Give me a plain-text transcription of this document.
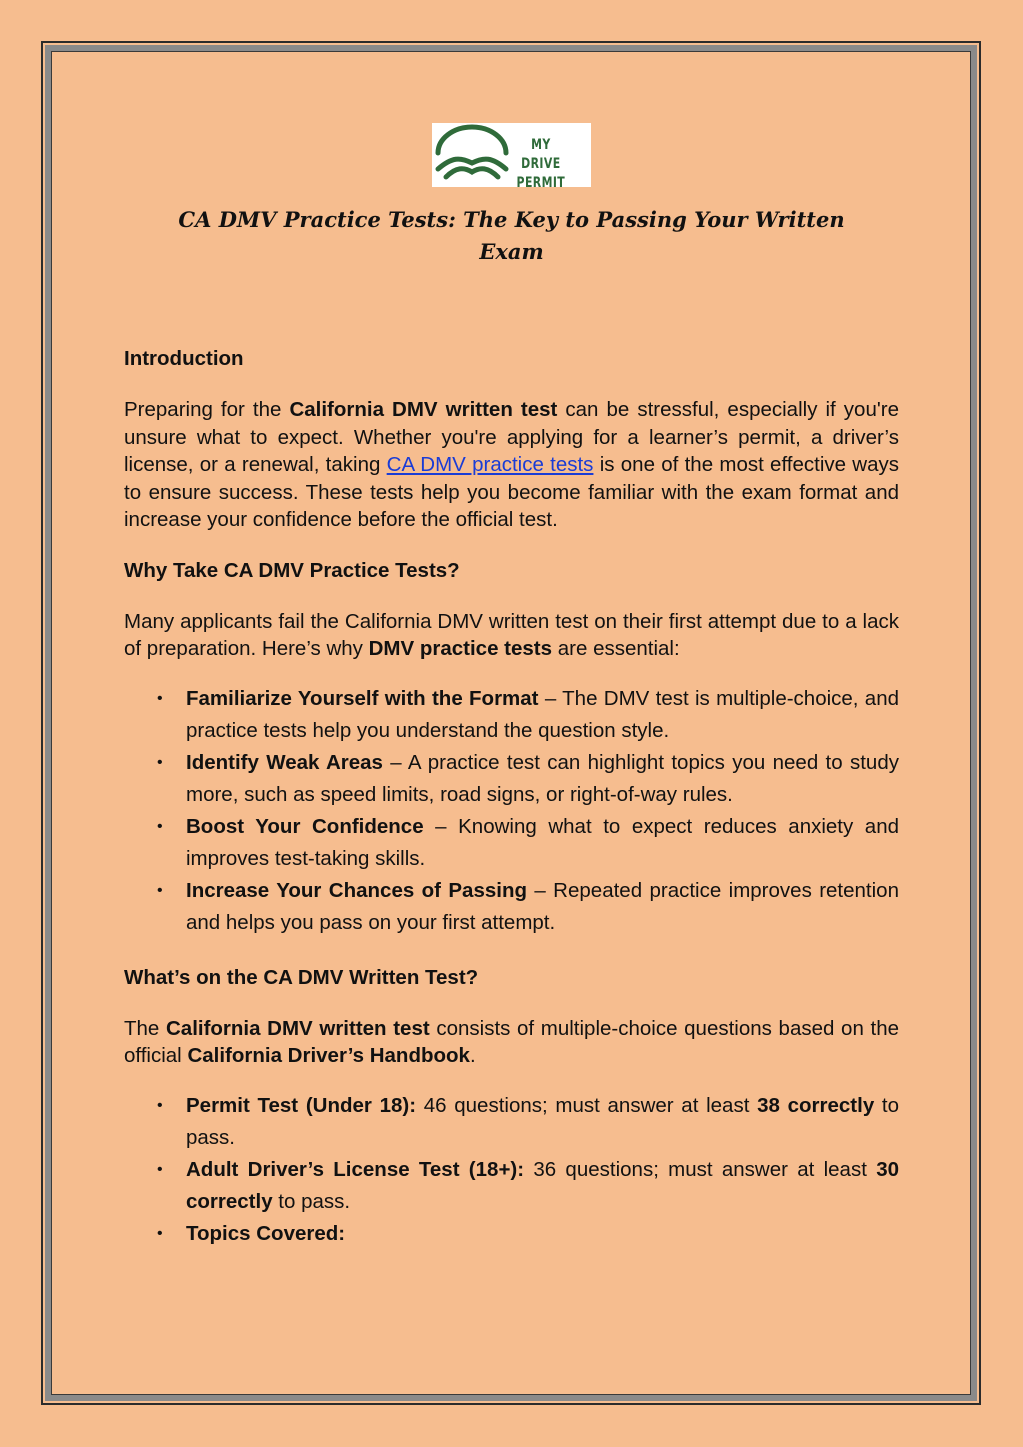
MY DRIVE
PERMIT
CA DMV Practice Tests: The Key to Passing Your Written
Exam
Introduction

Preparing for the California DMV written test can be stressful, especially if you're unsure what to expect. Whether you're applying for a learner’s permit, a driver’s license, or a renewal, taking CA DMV practice tests is one of the most effective ways to ensure success. These tests help you become familiar with the exam format and increase your confidence before the official test.

Why Take CA DMV Practice Tests?

Many applicants fail the California DMV written test on their first attempt due to a lack of preparation. Here’s why DMV practice tests are essential:

• Familiarize Yourself with the Format – The DMV test is multiple-choice, and practice tests help you understand the question style.
• Identify Weak Areas – A practice test can highlight topics you need to study more, such as speed limits, road signs, or right-of-way rules.
• Boost Your Confidence – Knowing what to expect reduces anxiety and improves test-taking skills.
• Increase Your Chances of Passing – Repeated practice improves retention and helps you pass on your first attempt.
What’s on the CA DMV Written Test?

The California DMV written test consists of multiple-choice questions based on the official California Driver’s Handbook.

• Permit Test (Under 18): 46 questions; must answer at least 38 correctly to pass.
• Adult Driver’s License Test (18+): 36 questions; must answer at least 30 correctly to pass.
• Topics Covered:
